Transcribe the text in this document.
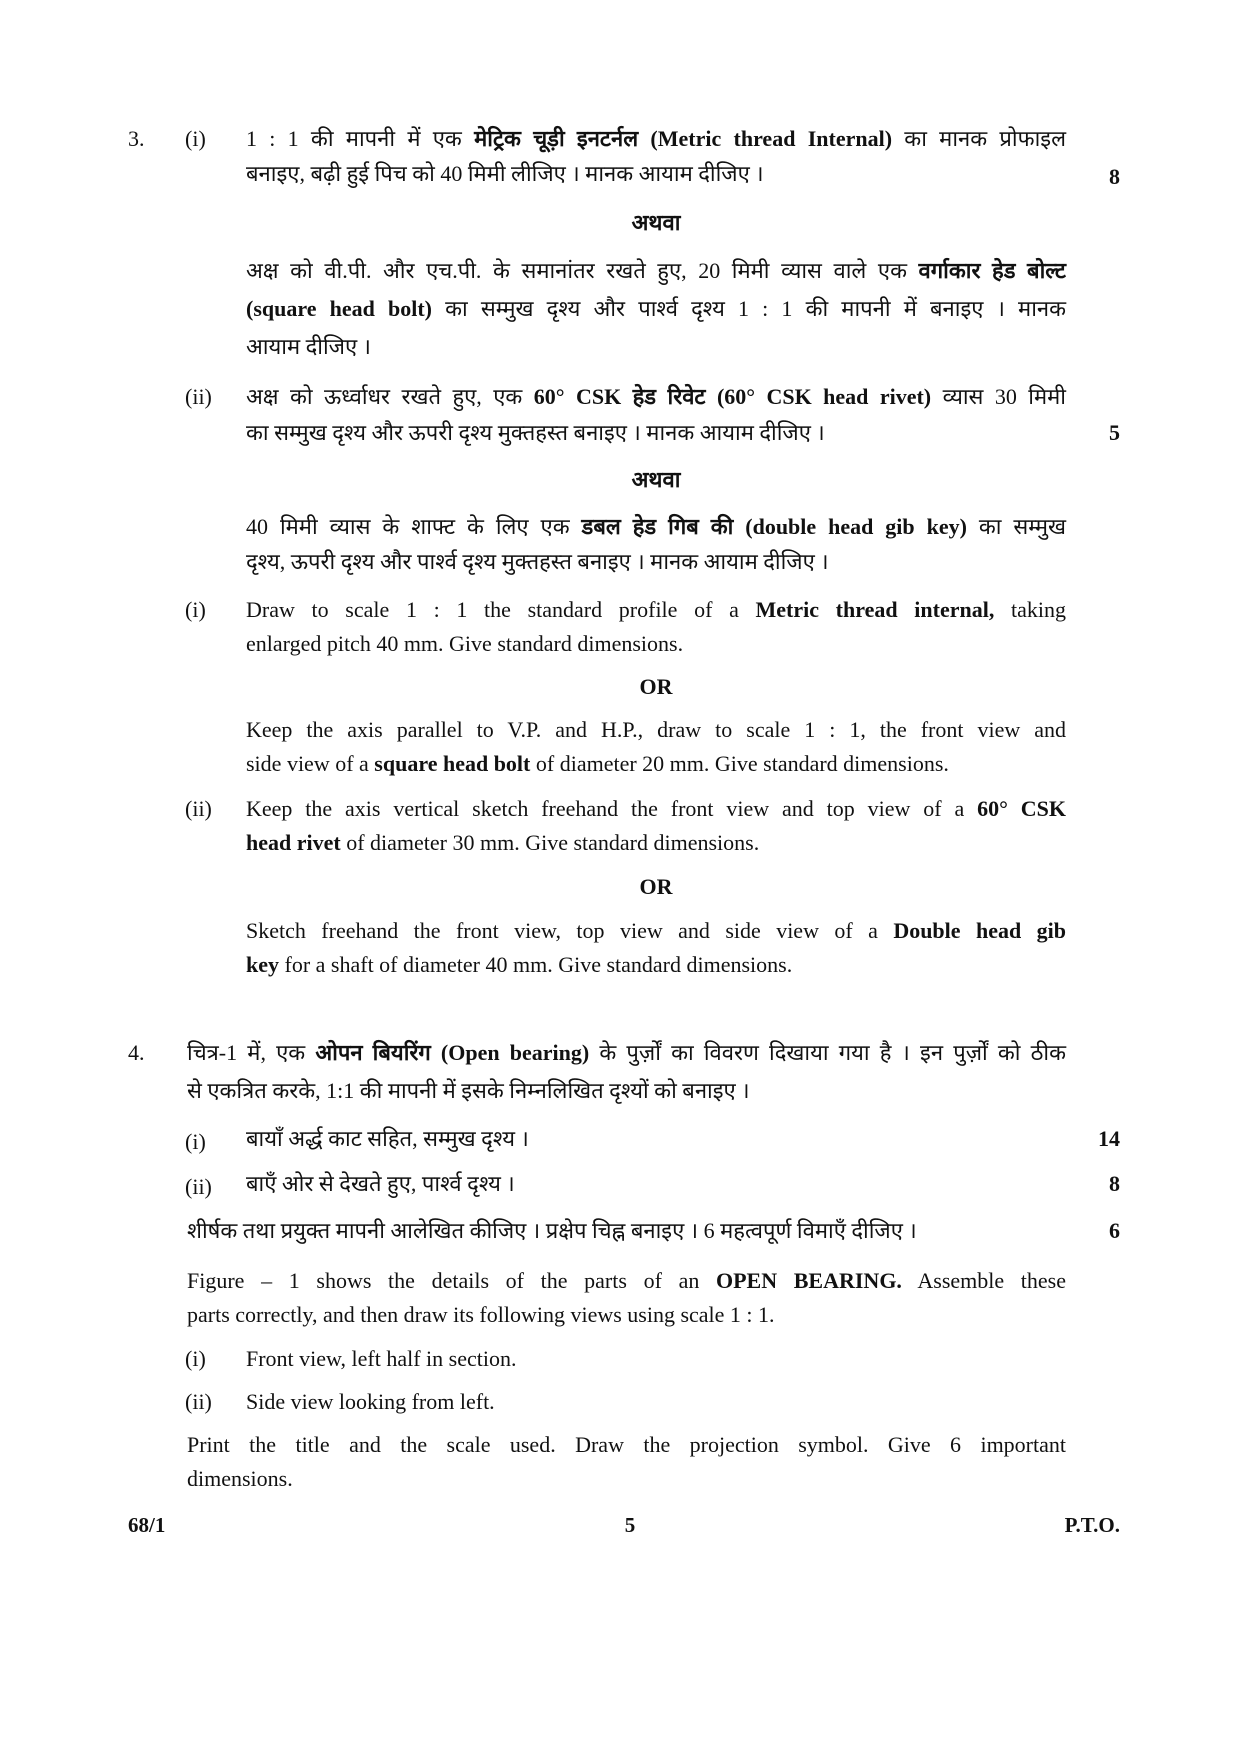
3. (i) 1 : 1 की मापनी में एक मेट्रिक चूड़ी इनटर्नल (Metric thread Internal) का मानक प्रोफाइल
बनाइए, बढ़ी हुई पिच को 40 मिमी लीजिए । मानक आयाम दीजिए ।	8
अथवा
अक्ष को वी.पी. और एच.पी. के समानांतर रखते हुए, 20 मिमी व्यास वाले एक वर्गाकार हेड बोल्ट
(square head bolt) का सम्मुख दृश्य और पार्श्व दृश्य 1 : 1 की मापनी में बनाइए । मानक
आयाम दीजिए ।
(ii) अक्ष को ऊर्ध्वाधर रखते हुए, एक 60° CSK हेड रिवेट (60° CSK head rivet) व्यास 30 मिमी
का सम्मुख दृश्य और ऊपरी दृश्य मुक्तहस्त बनाइए । मानक आयाम दीजिए ।	5
अथवा
40 मिमी व्यास के शाफ्ट के लिए एक डबल हेड गिब की (double head gib key) का सम्मुख
दृश्य, ऊपरी दृश्य और पार्श्व दृश्य मुक्तहस्त बनाइए । मानक आयाम दीजिए ।
(i) Draw to scale 1 : 1 the standard profile of a Metric thread internal, taking
enlarged pitch 40 mm. Give standard dimensions.
OR
Keep the axis parallel to V.P. and H.P., draw to scale 1 : 1, the front view and
side view of a square head bolt of diameter 20 mm. Give standard dimensions.
(ii) Keep the axis vertical sketch freehand the front view and top view of a 60° CSK
head rivet of diameter 30 mm. Give standard dimensions.
OR
Sketch freehand the front view, top view and side view of a Double head gib
key for a shaft of diameter 40 mm. Give standard dimensions.
4. चित्र-1 में, एक ओपन बियरिंग (Open bearing) के पुर्ज़ों का विवरण दिखाया गया है । इन पुर्ज़ों को ठीक
से एकत्रित करके, 1:1 की मापनी में इसके निम्नलिखित दृश्यों को बनाइए ।
(i) बायाँ अर्द्ध काट सहित, सम्मुख दृश्य ।	14
(ii) बाएँ ओर से देखते हुए, पार्श्व दृश्य ।	8
शीर्षक तथा प्रयुक्त मापनी आलेखित कीजिए । प्रक्षेप चिह्न बनाइए । 6 महत्वपूर्ण विमाएँ दीजिए ।	6
Figure – 1 shows the details of the parts of an OPEN BEARING. Assemble these
parts correctly, and then draw its following views using scale 1 : 1.
(i) Front view, left half in section.
(ii) Side view looking from left.
Print the title and the scale used. Draw the projection symbol. Give 6 important
dimensions.
68/1	5	P.T.O.
